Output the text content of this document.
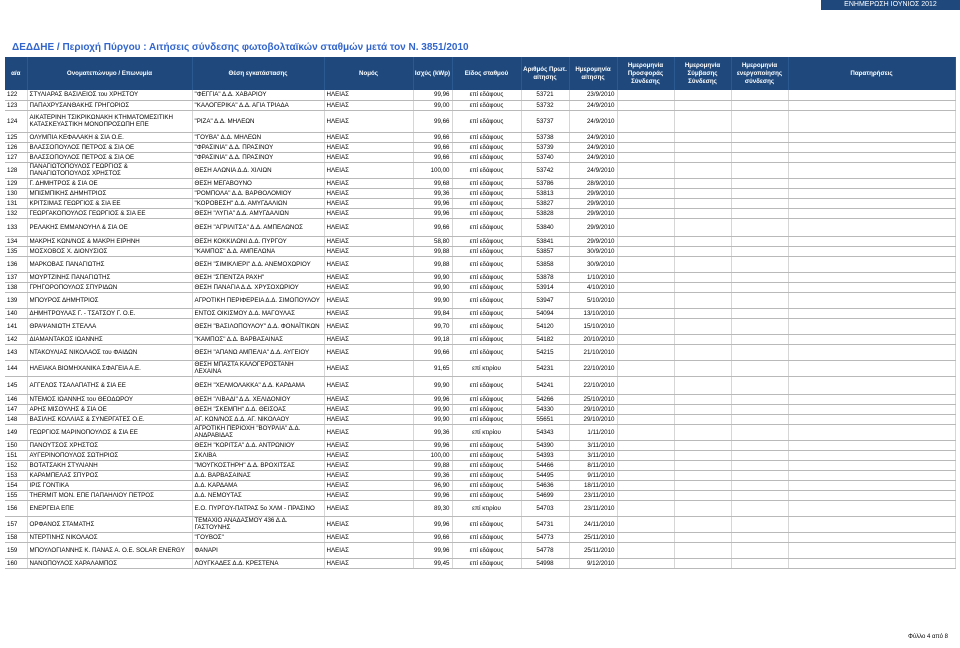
ΕΝΗΜΕΡΩΣΗ ΙΟΥΝΙΟΣ 2012
ΔΕΔΔΗΕ / Περιοχή Πύργου : Αιτήσεις σύνδεσης φωτοβολταϊκών σταθμών μετά τον Ν. 3851/2010
α/α	Ονοματεπώνυμο / Επωνυμία	Θέση εγκατάστασης	Νομός	Ισχύς (kWp)	Είδος σταθμού	Αριθμός Πρωτ. αίτησης	Ημερομηνία αίτησης	Ημερομηνία Προσφοράς Σύνδεσης	Ημερομηνία Σύμβασης Σύνδεσης	Ημερομηνία ενεργοποίησης σύνδεσης	Παρατηρήσεις
122	ΣΤΥΛΙΑΡΑΣ ΒΑΣΙΛΕΙΟΣ του ΧΡΗΣΤΟΥ	"ΦΕΓΓΙΑ" Δ.Δ. ΧΑΒΑΡΙΟΥ	ΗΛΕΙΑΣ	99,96	επί εδάφους	53721	23/9/2010				
123	ΠΑΠΑΧΡΥΣΑΝΘΑΚΗΣ ΓΡΗΓΟΡΙΟΣ	"ΚΑΛΟΓΕΡΙΚΑ" Δ.Δ. ΑΓΙΑ ΤΡΙΑΔΑ	ΗΛΕΙΑΣ	99,00	επί εδάφους	53732	24/9/2010				
124	ΑΙΚΑΤΕΡΙΝΗ ΤΣΙΚΡΙΚΩΝΑΚΗ ΚΤΗΜΑΤΟΜΕΣΙΤΙΚΗ ΚΑΤΑΣΚΕΥΑΣΤΙΚΗ ΜΟΝΟΠΡΟΣΩΠΗ ΕΠΕ	"ΡΙΖΑ" Δ.Δ. ΜΗΛΕΩΝ	ΗΛΕΙΑΣ	99,66	επί εδάφους	53737	24/9/2010				
125	ΟΛΥΜΠΙΑ ΚΕΦΑΛΑΚΗ & ΣΙΑ Ο.Ε.	"ΓΟΥΒΑ" Δ.Δ. ΜΗΛΕΩΝ	ΗΛΕΙΑΣ	99,66	επί εδάφους	53738	24/9/2010				
126	ΒΛΑΣΣΟΠΟΥΛΟΣ ΠΕΤΡΟΣ & ΣΙΑ ΟΕ	"ΦΡΑΣΙΝΙΑ" Δ.Δ. ΠΡΑΣΙΝΟΥ	ΗΛΕΙΑΣ	99,66	επί εδάφους	53739	24/9/2010				
127	ΒΛΑΣΣΟΠΟΥΛΟΣ ΠΕΤΡΟΣ & ΣΙΑ ΟΕ	"ΦΡΑΣΙΝΙΑ" Δ.Δ. ΠΡΑΣΙΝΟΥ	ΗΛΕΙΑΣ	99,66	επί εδάφους	53740	24/9/2010				
128	ΠΑΝΑΓΙΩΤΟΠΟΥΛΟΣ ΓΕΩΡΓΙΟΣ & ΠΑΝΑΓΙΩΤΟΠΟΥΛΟΣ ΧΡΗΣΤΟΣ	ΘΕΣΗ ΑΛΩΝΙΑ Δ.Δ. ΧΙΛΙΩΝ	ΗΛΕΙΑΣ	100,00	επί εδάφους	53742	24/9/2010				
129	Γ. ΔΗΜΗΤΡΟΣ & ΣΙΑ ΟΕ	ΘΕΣΗ ΜΕΓΑΒΟΥΝΟ	ΗΛΕΙΑΣ	99,68	επί εδάφους	53786	28/9/2010				
130	ΜΠΙΣΜΠΙΚΗΣ ΔΗΜΗΤΡΙΟΣ	"ΡΟΜΠΟΛΑ" Δ.Δ. ΒΑΡΘΟΛΟΜΙΟΥ	ΗΛΕΙΑΣ	99,36	επί εδάφους	53813	29/9/2010				
131	ΚΡΙΤΣΙΜΑΣ ΓΕΩΡΓΙΟΣ & ΣΙΑ ΕΕ	"ΚΟΡΟΒΕΣΗ" Δ.Δ. ΑΜΥΓΔΑΛΙΩΝ	ΗΛΕΙΑΣ	99,96	επί εδάφους	53827	29/9/2010				
132	ΓΕΩΡΓΑΚΟΠΟΥΛΟΣ ΓΕΩΡΓΙΟΣ & ΣΙΑ ΕΕ	ΘΕΣΗ "ΛΥΓΙΑ" Δ.Δ. ΑΜΥΓΔΑΛΙΩΝ	ΗΛΕΙΑΣ	99,96	επί εδάφους	53828	29/9/2010				
133	ΡΕΛΑΚΗΣ ΕΜΜΑΝΟΥΗΛ & ΣΙΑ ΟΕ	ΘΕΣΗ "ΑΓΡΙΛΙΤΣΑ" Δ.Δ. ΑΜΠΕΛΩΝΟΣ	ΗΛΕΙΑΣ	99,66	επί εδάφους	53840	29/9/2010				
134	ΜΑΚΡΗΣ ΚΩΝ/ΝΟΣ & ΜΑΚΡΗ ΕΙΡΗΝΗ	ΘΕΣΗ ΚΟΚΚΙΛΩΝΙ Δ.Δ. ΠΥΡΓΟΥ	ΗΛΕΙΑΣ	58,80	επί εδάφους	53841	29/9/2010				
135	ΜΟΣΧΟΒΟΣ Χ. ΔΙΟΝΥΣΙΟΣ	"ΚΑΜΠΟΣ" Δ.Δ. ΑΜΠΕΛΩΝΑ	ΗΛΕΙΑΣ	99,88	επί εδάφους	53857	30/9/2010				
136	ΜΑΡΚΟΒΑΣ ΠΑΝΑΓΙΩΤΗΣ	ΘΕΣΗ "ΣΙΜΙΚΛΙΕΡΙ" Δ.Δ. ΑΝΕΜΟΧΩΡΙΟΥ	ΗΛΕΙΑΣ	99,88	επί εδάφους	53858	30/9/2010				
137	ΜΟΥΡΤΖΙΝΗΣ ΠΑΝΑΓΙΩΤΗΣ	ΘΕΣΗ "ΣΠΕΝΤΖΑ ΡΑΧΗ"	ΗΛΕΙΑΣ	99,90	επί εδάφους	53878	1/10/2010				
138	ΓΡΗΓΟΡΟΠΟΥΛΟΣ ΣΠΥΡΙΔΩΝ	ΘΕΣΗ ΠΑΝΑΓΙΑ Δ.Δ. ΧΡΥΣΟΧΩΡΙΟΥ	ΗΛΕΙΑΣ	99,90	επί εδάφους	53914	4/10/2010				
139	ΜΠΟΥΡΟΣ ΔΗΜΗΤΡΙΟΣ	ΑΓΡΟΤΙΚΗ ΠΕΡΙΦΕΡΕΙΑ Δ.Δ. ΣΙΜΟΠΟΥΛΟΥ	ΗΛΕΙΑΣ	99,90	επί εδάφους	53947	5/10/2010				
140	ΔΗΜΗΤΡΟΥΛΑΣ Γ. - ΤΣΑΤΣΟΥ Γ. Ο.Ε.	ΕΝΤΟΣ ΟΙΚΙΣΜΟΥ Δ.Δ. ΜΑΓΟΥΛΑΣ	ΗΛΕΙΑΣ	99,84	επί εδάφους	54094	13/10/2010				
141	ΘΡΑΨΑΝΙΩΤΗ ΣΤΕΛΛΑ	ΘΕΣΗ "ΒΑΣΙΛΟΠΟΥΛΟΥ" Δ.Δ. ΦΟΝΑΪΤΙΚΩΝ	ΗΛΕΙΑΣ	99,70	επί εδάφους	54120	15/10/2010				
142	ΔΙΑΜΑΝΤΑΚΟΣ ΙΩΑΝΝΗΣ	"ΚΑΜΠΟΣ" Δ.Δ. ΒΑΡΒΑΣΑΙΝΑΣ	ΗΛΕΙΑΣ	99,18	επί εδάφους	54182	20/10/2010				
143	ΝΤΑΚΟΥΛΙΑΣ ΝΙΚΟΛΑΟΣ του ΦΑΙΔΩΝ	ΘΕΣΗ "ΑΠΑΝΩ ΑΜΠΕΛΙΑ" Δ.Δ. ΑΥΓΕΙΟΥ	ΗΛΕΙΑΣ	99,66	επί εδάφους	54215	21/10/2010				
144	ΗΛΕΙΑΚΑ ΒΙΟΜΗΧΑΝΙΚΑ ΣΦΑΓΕΙΑ Α.Ε.	ΘΕΣΗ ΜΠΑΣΤΑ ΚΑΛΟΓΕΡΟΣΤΑΝΗ ΛΕΧΑΙΝΑ	ΗΛΕΙΑΣ	91,65	επί κτιρίου	54231	22/10/2010				
145	ΑΓΓΕΛΟΣ ΤΣΑΛΑΠΑΤΗΣ & ΣΙΑ ΕΕ	ΘΕΣΗ "ΧΕΛΜΟΛΑΚΚΑ" Δ.Δ. ΚΑΡΔΑΜΑ	ΗΛΕΙΑΣ	99,90	επί εδάφους	54241	22/10/2010				
146	ΝΤΕΜΟΣ ΙΩΑΝΝΗΣ του ΘΕΟΔΩΡΟΥ	ΘΕΣΗ "ΛΙΒΑΔΙ" Δ.Δ. ΧΕΛΙΔΟΝΙΟΥ	ΗΛΕΙΑΣ	99,96	επί εδάφους	54266	25/10/2010				
147	ΑΡΗΣ ΜΙΣΟΥΛΗΣ & ΣΙΑ ΟΕ	ΘΕΣΗ "ΣΚΕΜΠΗ" Δ.Δ. ΘΕΙΣΟΑΣ	ΗΛΕΙΑΣ	99,90	επί εδάφους	54330	29/10/2010				
148	ΒΑΣΙΛΗΣ ΚΟΛΛΙΑΣ & ΣΥΝΕΡΓΑΤΕΣ Ο.Ε.	ΑΓ. ΚΩΝ/ΝΟΣ Δ.Δ. ΑΓ. ΝΙΚΟΛΑΟΥ	ΗΛΕΙΑΣ	99,90	επί εδάφους	55651	29/10/2010				
149	ΓΕΩΡΓΙΟΣ ΜΑΡΙΝΟΠΟΥΛΟΣ & ΣΙΑ ΕΕ	ΑΓΡΟΤΙΚΗ ΠΕΡΙΟΧΗ "ΒΟΥΡΛΙΑ" Δ.Δ. ΑΝΔΡΑΒΙΔΑΣ	ΗΛΕΙΑΣ	99,36	επί κτιρίου	54343	1/11/2010				
150	ΠΑΝΟΥΤΣΟΣ ΧΡΗΣΤΟΣ	ΘΕΣΗ "ΚΟΡΙΤΣΑ" Δ.Δ. ΑΝΤΡΩΝΙΟΥ	ΗΛΕΙΑΣ	99,96	επί εδάφους	54390	3/11/2010				
151	ΑΥΓΕΡΙΝΟΠΟΥΛΟΣ ΣΩΤΗΡΙΟΣ	ΣΚΛΙΒΑ	ΗΛΕΙΑΣ	100,00	επί εδάφους	54393	3/11/2010				
152	ΒΟΤΑΤΣΑΚΗ ΣΤΥΛΙΑΝΗ	"ΜΟΥΓΚΟΣΤΗΡΗ" Δ.Δ. ΒΡΟΧΙΤΣΑΣ	ΗΛΕΙΑΣ	99,88	επί εδάφους	54466	8/11/2010				
153	ΚΑΡΑΜΠΕΛΑΣ ΣΠΥΡΟΣ	Δ.Δ. ΒΑΡΒΑΣΑΙΝΑΣ	ΗΛΕΙΑΣ	99,36	επί εδάφους	54495	9/11/2010				
154	ΙΡΙΣ ΓΟΝΤΙΚΑ	Δ.Δ. ΚΑΡΔΑΜΑ	ΗΛΕΙΑΣ	96,90	επί εδάφους	54636	18/11/2010				
155	THERMIT MON. ΕΠΕ ΠΑΠΑΗΛΙΟΥ ΠΕΤΡΟΣ	Δ.Δ. ΝΕΜΟΥΤΑΣ	ΗΛΕΙΑΣ	99,96	επί εδάφους	54699	23/11/2010				
156	ΕΝΕΡΓΕΙΑ ΕΠΕ	Ε.Ο. ΠΥΡΓΟΥ-ΠΑΤΡΑΣ 5ο ΧΛΜ - ΠΡΑΣΙΝΟ	ΗΛΕΙΑΣ	89,30	επί κτιρίου	54703	23/11/2010				
157	ΟΡΦΑΝΟΣ ΣΤΑΜΑΤΗΣ	ΤΕΜΑΧΙΟ ΑΝΑΔΑΣΜΟΥ 436 Δ.Δ. ΓΑΣΤΟΥΝΗΣ	ΗΛΕΙΑΣ	99,96	επί εδάφους	54731	24/11/2010				
158	ΝΤΕΡΤΙΝΗΣ ΝΙΚΟΛΑΟΣ	"ΓΟΥΒΟΣ"	ΗΛΕΙΑΣ	99,66	επί εδάφους	54773	25/11/2010				
159	ΜΠΟΥΛΟΓΙΑΝΝΗΣ Κ. ΠΑΝΑΣ Α. Ο.Ε. SOLAR ENERGY	ΦΑΝΑΡΙ	ΗΛΕΙΑΣ	99,96	επί εδάφους	54778	25/11/2010				
160	ΝΑΝΟΠΟΥΛΟΣ ΧΑΡΑΛΑΜΠΟΣ	ΛΟΥΓΚΑΔΕΣ Δ.Δ. ΚΡΕΣΤΕΝΑ	ΗΛΕΙΑΣ	99,45	επί εδάφους	54998	9/12/2010				
Φύλλο 4 από 8
